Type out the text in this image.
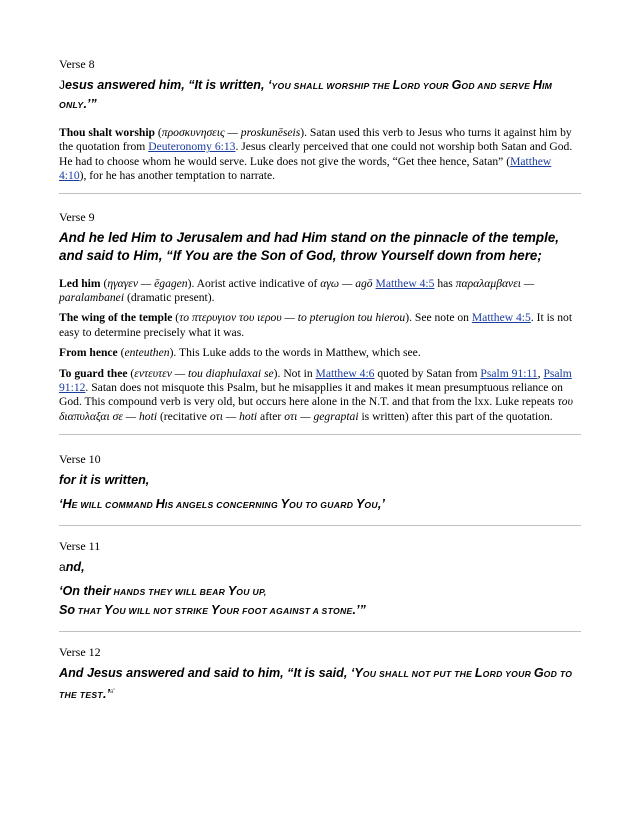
Verse 8

Jesus answered him, “It is written, ‘YOU SHALL WORSHIP THE LORD YOUR GOD AND SERVE HIM ONLY.’”

Thou shalt worship (προσκυνησεις — proskunēseis). Satan used this verb to Jesus who turns it against him by the quotation from Deuteronomy 6:13. Jesus clearly perceived that one could not worship both Satan and God. He had to choose whom he would serve. Luke does not give the words, “Get thee hence, Satan” (Matthew 4:10), for he has another temptation to narrate.

Verse 9

And he led Him to Jerusalem and had Him stand on the pinnacle of the temple, and said to Him, “If You are the Son of God, throw Yourself down from here;

Led him (ηγαγεν — ēgagen). Aorist active indicative of αγω — agō Matthew 4:5 has παραλαμβανει — paralambanei (dramatic present).

The wing of the temple (το πτερυγιον του ιερου — to pterugion tou hierou). See note on Matthew 4:5. It is not easy to determine precisely what it was.

From hence (enteuthen). This Luke adds to the words in Matthew, which see.

To guard thee (εντευτεν — tou diaphulaxai se). Not in Matthew 4:6 quoted by Satan from Psalm 91:11, Psalm 91:12. Satan does not misquote this Psalm, but he misapplies it and makes it mean presumptuous reliance on God. This compound verb is very old, but occurs here alone in the N.T. and that from the lxx. Luke repeats του διαπυλαξαι σε — hoti (recitative οτι — hoti after οτι — gegraptai is written) after this part of the quotation.

Verse 10

for it is written,

‘HE WILL COMMAND HIS ANGELS CONCERNING YOU TO GUARD YOU,’

Verse 11

and,

‘On their HANDS THEY WILL BEAR YOU UP,

So THAT YOU WILL NOT STRIKE YOUR FOOT AGAINST A STONE.’”

Verse 12

And Jesus answered and said to him, “It is said, ‘YOU SHALL NOT PUT THE LORD YOUR GOD TO THE TEST.’$^{a”}$
